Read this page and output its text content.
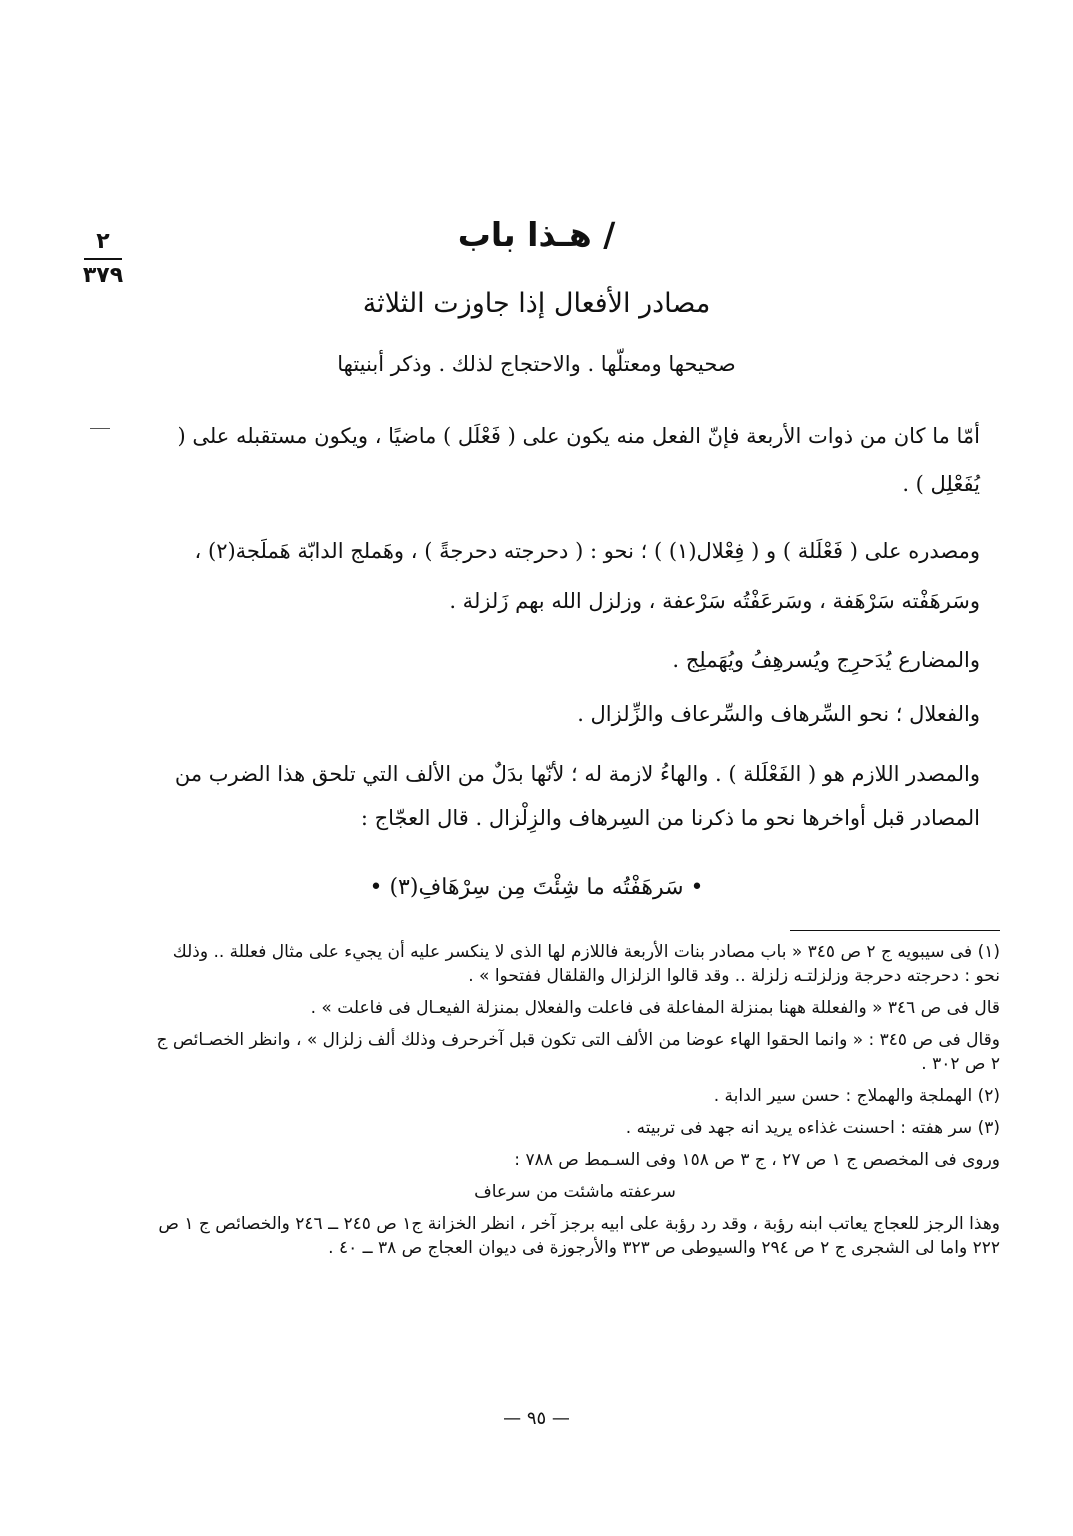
٢
٣٧٩
/ هـذا باب
مصادر الأفعال إذا جاوزت الثلاثة
صحيحها ومعتلّها . والاحتجاج لذلك . وذكر أبنيتها

أمّا ما كان من ذوات الأربعة فإنّ الفعل منه يكون على ( فَعْلَل ) ماضيًا ، ويكون مستقبله على ( يُفَعْلِل ) .

ومصدره على ( فَعْلَلة ) و ( فِعْلال(١) ) ؛ نحو : ( دحرجته دحرجةً ) ، وهَملج الدابّة هَملَجة(٢) ، وسَرهَفْته سَرْهَفة ، وسَرعَفْتُه سَرْعفة ، وزلزل الله بهم زَلزلة .

والمضارع يُدَحرِج ويُسرهِفُ ويُهَملِج .

والفعلال ؛ نحو السِّرهاف والسِّرعاف والزِّلزال .

والمصدر اللازم هو ( الفَعْلَلة ) . والهاءُ لازمة له ؛ لأنّها بدَلٌ من الألف التي تلحق هذا الضرب من المصادر قبل أواخرها نحو ما ذكرنا من السِرهاف والزِلْزال . قال العجّاج :

• سَرهَفْتُه ما شِئْتَ مِن سِرْهَافِ(٣) •

(١) فى سيبويه ج ٢ ص ٣٤٥ « باب مصادر بنات الأربعة فاللازم لها الذى لا ينكسر عليه أن يجيء على مثال فعللة .. وذلك نحو : دحرجته دحرجة وزلزلتـه زلزلة .. وقد قالوا الزلزال والقلقال ففتحوا » .

قال فى ص ٣٤٦ « والفعللة ههنا بمنزلة المفاعلة فى فاعلت والفعلال بمنزلة الفيعـال فى فاعلت » .

وقال فى ص ٣٤٥ : « وانما الحقوا الهاء عوضا من الألف التى تكون قبل آخرحرف وذلك ألف زلزال » ، وانظر الخصـائص ج ٢ ص ٣٠٢ .

(٢) الهملجة والهملاج : حسن سير الدابة .

(٣) سر هفته : احسنت غذاءه يريد انه جهد فى تربيته .

وروى فى المخصص ج ١ ص ٢٧ ، ج ٣ ص ١٥٨ وفى السـمط ص ٧٨٨ :

سرعفته ماشئت من سرعاف

وهذا الرجز للعجاج يعاتب ابنه رؤبة ، وقد رد رؤبة على ابيه برجز آخر ، انظر الخزانة ج١ ص ٢٤٥ ــ ٢٤٦ والخصائص ج ١ ص ٢٢٢ واما لى الشجرى ج ٢ ص ٢٩٤ والسيوطى ص ٣٢٣ والأرجوزة فى ديوان العجاج ص ٣٨ ــ ٤٠ .

— ٩٥ —
